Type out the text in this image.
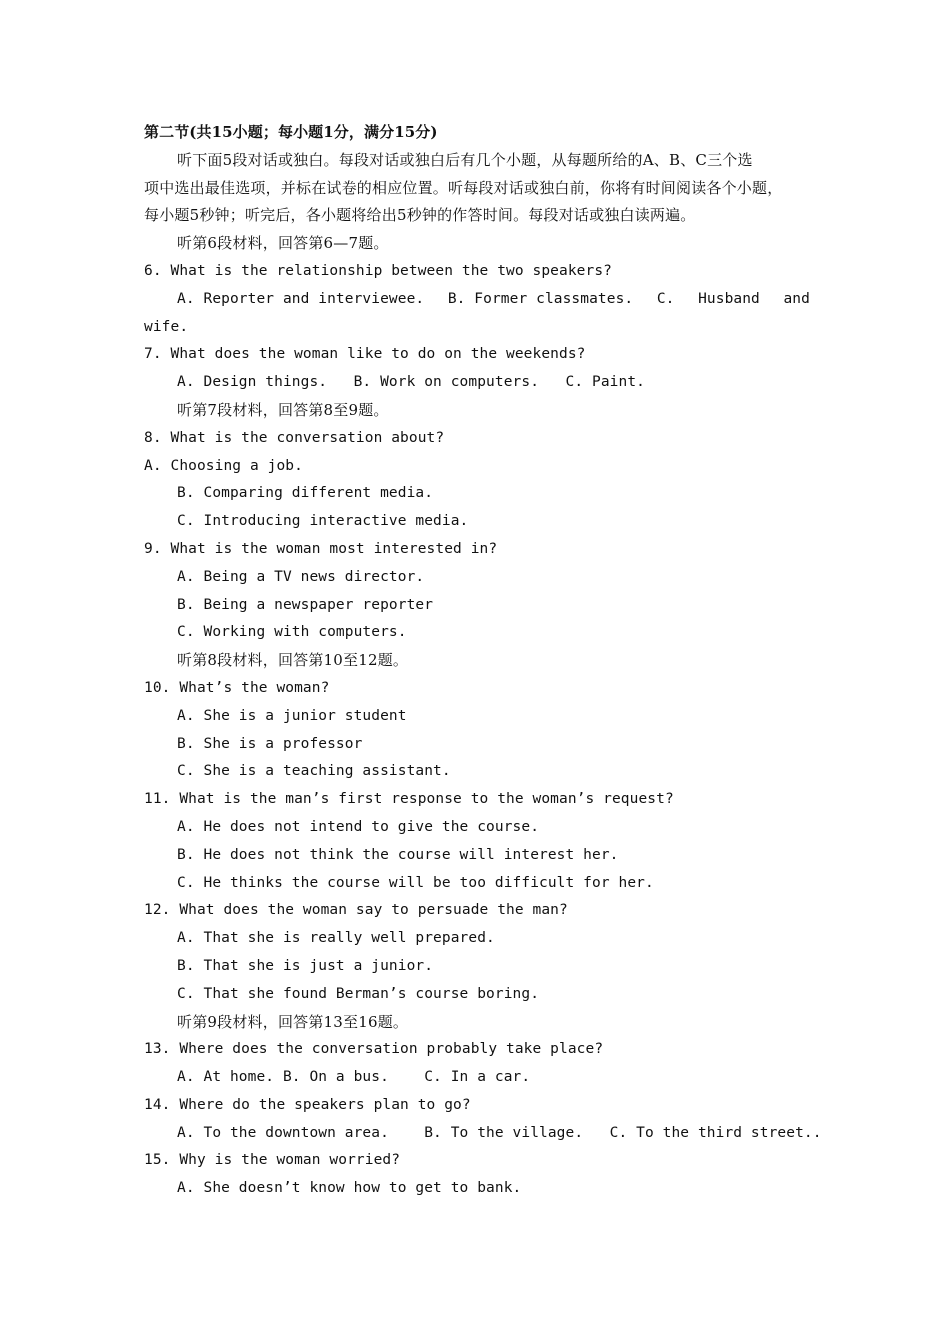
第二节(共15小题；每小题1分，满分15分)
听下面5段对话或独白。每段对话或独白后有几个小题，从每题所给的A、B、C三个选
项中选出最佳选项，并标在试卷的相应位置。听每段对话或独白前，你将有时间阅读各个小题，
每小题5秒钟；听完后，各小题将给出5秒钟的作答时间。每段对话或独白读两遍。
听第6段材料，回答第6—7题。
6. What is the relationship between the two speakers?
A. Reporter and interviewee. B. Former classmates. C. Husband and
wife.
7. What does the woman like to do on the weekends?
A. Design things.   B. Work on computers.   C. Paint.
听第7段材料，回答第8至9题。
8. What is the conversation about?
A. Choosing a job.
B. Comparing different media.
C. Introducing interactive media.
9. What is the woman most interested in?
A. Being a TV news director.
B. Being a newspaper reporter
C. Working with computers.
听第8段材料，回答第10至12题。
10. What’s the woman?
A. She is a junior student
B. She is a professor
C. She is a teaching assistant.
11. What is the man’s first response to the woman’s request?
A. He does not intend to give the course.
B. He does not think the course will interest her.
C. He thinks the course will be too difficult for her.
12. What does the woman say to persuade the man?
A. That she is really well prepared.
B. That she is just a junior.
C. That she found Berman’s course boring.
听第9段材料，回答第13至16题。
13. Where does the conversation probably take place?
A. At home. B. On a bus.    C. In a car.
14. Where do the speakers plan to go?
A. To the downtown area.    B. To the village.   C. To the third street..
15. Why is the woman worried?
A. She doesn’t know how to get to bank.
